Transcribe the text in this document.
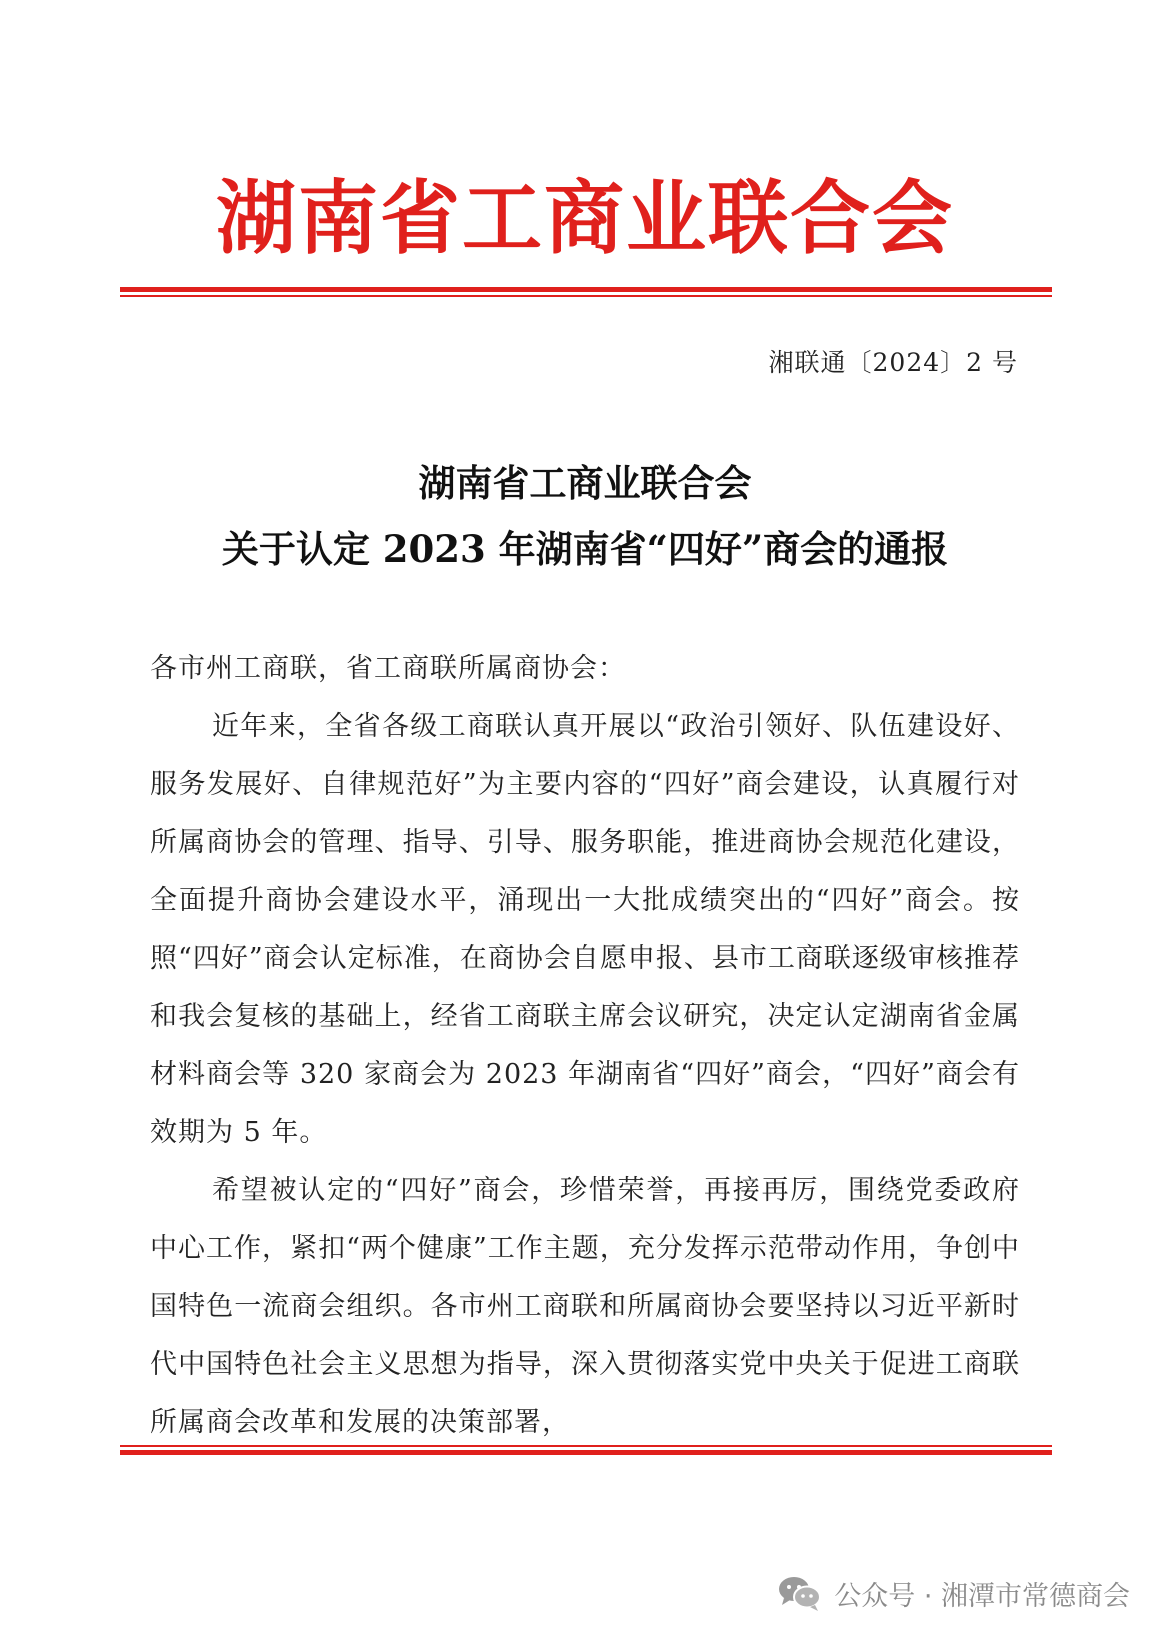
湖南省工商业联合会
湘联通〔2024〕2 号
湖南省工商业联合会
关于认定 2023 年湖南省“四好”商会的通报

各市州工商联，省工商联所属商协会：

近年来，全省各级工商联认真开展以“政治引领好、队伍建设好、服务发展好、自律规范好”为主要内容的“四好”商会建设，认真履行对所属商协会的管理、指导、引导、服务职能，推进商协会规范化建设，全面提升商协会建设水平，涌现出一大批成绩突出的“四好”商会。按照“四好”商会认定标准，在商协会自愿申报、县市工商联逐级审核推荐和我会复核的基础上，经省工商联主席会议研究，决定认定湖南省金属材料商会等 320 家商会为 2023 年湖南省“四好”商会，“四好”商会有效期为 5 年。

希望被认定的“四好”商会，珍惜荣誉，再接再厉，围绕党委政府中心工作，紧扣“两个健康”工作主题，充分发挥示范带动作用，争创中国特色一流商会组织。各市州工商联和所属商协会要坚持以习近平新时代中国特色社会主义思想为指导，深入贯彻落实党中央关于促进工商联所属商会改革和发展的决策部署，

公众号 · 湘潭市常德商会
